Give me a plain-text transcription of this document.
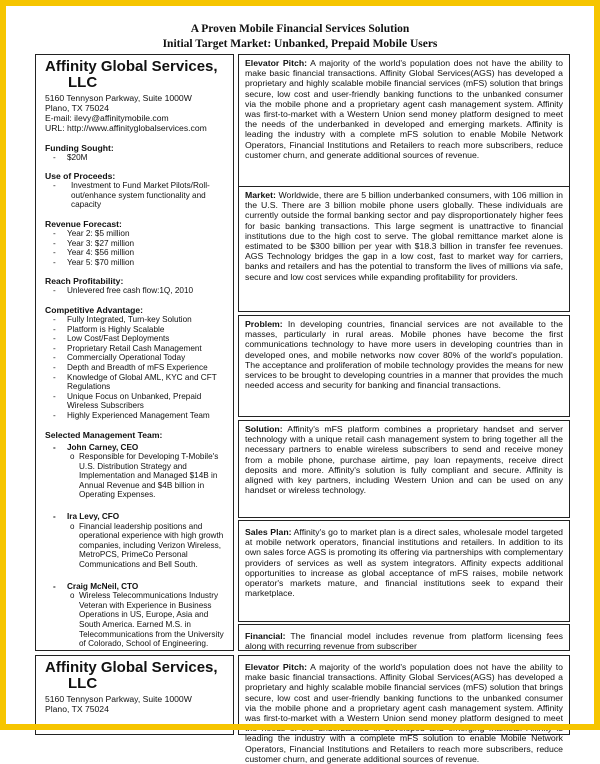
A Proven Mobile Financial Services Solution
Initial Target Market: Unbanked, Prepaid Mobile Users
Affinity Global Services,
LLC
5160 Tennyson Parkway, Suite 1000W
Plano, TX 75024
E-mail: ilevy@affinitymobile.com
URL: http://www.affinityglobalservices.com
Funding Sought:
- $20M
Use of Proceeds:
- Investment to Fund Market Pilots/Roll-out/enhance system functionality and capacity
Revenue Forecast:
- Year 2: $5 million
- Year 3: $27 million
- Year 4: $56 million
- Year 5: $70 million
Reach Profitability:
- Unlevered free cash flow:1Q, 2010
Competitive Advantage:
- Fully Integrated, Turn-key Solution
- Platform is Highly Scalable
- Low Cost/Fast Deployments
- Proprietary Retail Cash Management
- Commercially Operational Today
- Depth and Breadth of mFS Experience
- Knowledge of Global AML, KYC and CFT Regulations
- Unique Focus on Unbanked, Prepaid Wireless Subscribers
- Highly Experienced Management Team
Selected Management Team:
- John Carney, CEO
o Responsible for Developing T-Mobile's U.S. Distribution Strategy and Implementation and Managed $14B in Annual Revenue and $4B billion in Operating Expenses.
- Ira Levy, CFO
o Financial leadership positions and operational experience with high growth companies, including Verizon Wireless, MetroPCS, PrimeCo Personal Communications and Bell South.
- Craig McNeil, CTO
o Wireless Telecommunications Industry Veteran with Experience in Business Operations in US, Europe, Asia and South America. Earned M.S. in Telecommunications from the University of Colorado, School of Engineering.

Elevator Pitch: A majority of the world's population does not have the ability to make basic financial transactions. Affinity Global Services(AGS) has developed a proprietary and highly scalable mobile financial services (mFS) solution that brings secure, low cost and user-friendly banking functions to the unbanked consumer via the mobile phone and a proprietary agent cash management system. Affinity was first-to-market with a Western Union send money platform designed to meet the needs of the underbanked in developed and emerging markets. Affinity is leading the industry with a complete mFS solution to enable Mobile Network Operators, Financial Institutions and Retailers to reach more subscribers, reduce customer churn, and generate additional sources of revenue.

Market: Worldwide, there are 5 billion underbanked consumers, with 106 million in the U.S. There are 3 billion mobile phone users globally. These individuals are currently outside the formal banking sector and pay disproportionately higher fees for basic banking transactions. This large segment is unattractive to financial institutions due to the high cost to serve. The global remittance market alone is estimated to be $300 billion per year with $18.3 billion in transfer fee revenues. AGS Technology bridges the gap in a low cost, fast to market way for carriers, banks and retailers and has the potential to transform the lives of millions via safe, secure and low cost services while expanding profitability for providers.

Problem: In developing countries, financial services are not available to the masses, particularly in rural areas. Mobile phones have become the first communications technology to have more users in developing countries than in developed ones, and mobile networks now cover 80% of the world's population. The acceptance and proliferation of mobile technology provides the means for new services to be brought to developing countries in a manner that provides the much needed access and security for banking and financial transactions.

Solution: Affinity's mFS platform combines a proprietary handset and server technology with a unique retail cash management system to bring together all the necessary partners to enable wireless subscribers to send and receive money from a mobile phone, purchase airtime, pay loan repayments, receive direct deposits and more. Affinity's solution is fully compliant and secure. Affinity is aligned with key partners, including Western Union and can be used on any handset or wireless technology.

Sales Plan: Affinity's go to market plan is a direct sales, wholesale model targeted at mobile network operators, financial institutions and retailers. In addition to its own sales force AGS is promoting its offering via partnerships with complementary providers of services as well as system integrators. Affinity expects additional opportunities to increase as global acceptance of mFS raises, mobile network operator's markets mature, and financial institutions seek to expand their marketplace.

Financial: The financial model includes revenue from platform licensing fees along with recurring revenue from subscriber

Affinity Global Services,
LLC
5160 Tennyson Parkway, Suite 1000W
Plano, TX 75024

Elevator Pitch: A majority of the world's population does not have the ability to make basic financial transactions. Affinity Global Services(AGS) has developed a proprietary and highly scalable mobile financial services (mFS) solution that brings secure, low cost and user-friendly banking functions to the unbanked consumer via the mobile phone and a proprietary agent cash management system. Affinity was first-to-market with a Western Union send money platform designed to meet leading the industry with a complete mFS solution to enable Mobile Network Operators, Financial Institutions and Retailers to reach more subscribers, reduce customer churn, and generate additional sources of revenue.
